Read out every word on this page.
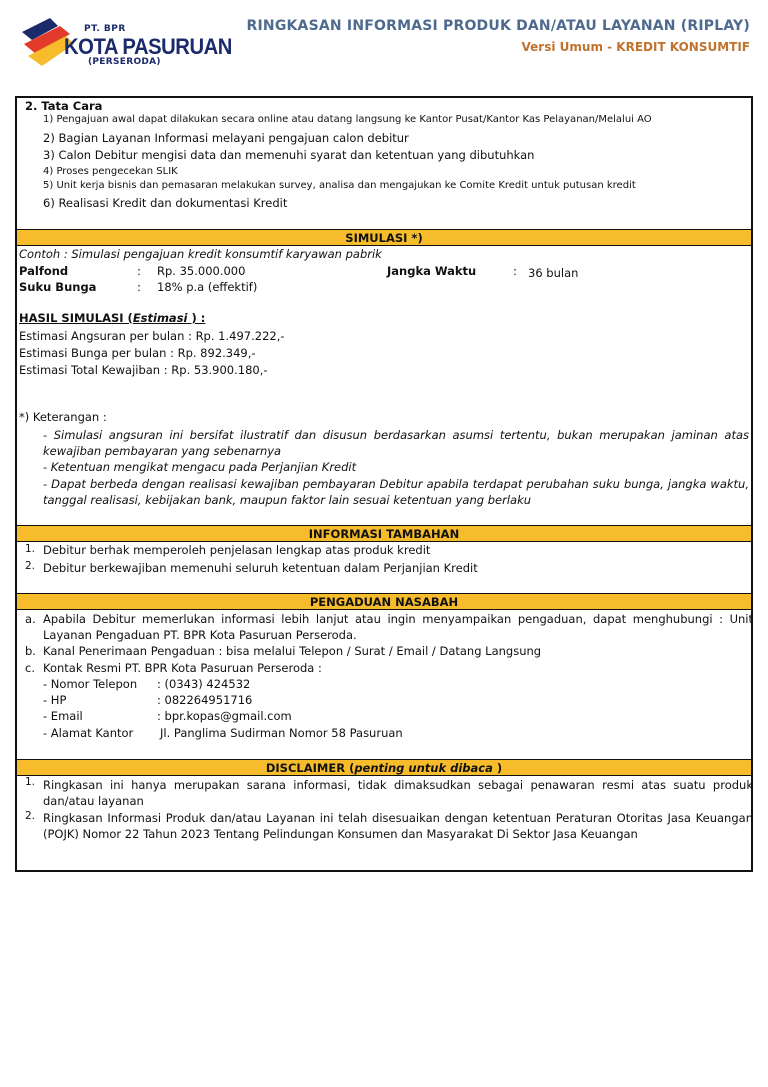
PT. BPR
KOTA PASURUAN
(PERSERODA)
RINGKASAN INFORMASI PRODUK DAN/ATAU LAYANAN (RIPLAY)
Versi Umum - KREDIT KONSUMTIF
2. Tata Cara
1) Pengajuan awal dapat dilakukan secara online atau datang langsung ke Kantor Pusat/Kantor Kas Pelayanan/Melalui AO
2) Bagian Layanan Informasi melayani pengajuan calon debitur
3) Calon Debitur mengisi data dan memenuhi syarat dan ketentuan yang dibutuhkan
4) Proses pengecekan SLIK
5) Unit kerja bisnis dan pemasaran melakukan survey, analisa dan mengajukan ke Comite Kredit untuk putusan kredit
6) Realisasi Kredit dan dokumentasi Kredit
SIMULASI *)
Contoh : Simulasi pengajuan kredit konsumtif karyawan pabrik
Palfond	: Rp. 35.000.000
Suku Bunga	: 18% p.a (effektif)
Jangka Waktu	: 36 bulan
HASIL SIMULASI (Estimasi ) :
Estimasi Angsuran per bulan : Rp. 1.497.222,-
Estimasi Bunga per bulan : Rp. 892.349,-
Estimasi Total Kewajiban : Rp. 53.900.180,-
*) Keterangan :
- Simulasi angsuran ini bersifat ilustratif dan disusun berdasarkan asumsi tertentu, bukan merupakan jaminan atas kewajiban pembayaran yang sebenarnya
- Ketentuan mengikat mengacu pada Perjanjian Kredit
- Dapat berbeda dengan realisasi kewajiban pembayaran Debitur apabila terdapat perubahan suku bunga, jangka waktu, tanggal realisasi, kebijakan bank, maupun faktor lain sesuai ketentuan yang berlaku
INFORMASI TAMBAHAN
1. Debitur berhak memperoleh penjelasan lengkap atas produk kredit
2. Debitur berkewajiban memenuhi seluruh ketentuan dalam Perjanjian Kredit
PENGADUAN NASABAH
a. Apabila Debitur memerlukan informasi lebih lanjut atau ingin menyampaikan pengaduan, dapat menghubungi : Unit Layanan Pengaduan PT. BPR Kota Pasuruan Perseroda.
b. Kanal Penerimaan Pengaduan : bisa melalui Telepon / Surat / Email / Datang Langsung
c. Kontak Resmi PT. BPR Kota Pasuruan Perseroda :
- Nomor Telepon : (0343) 424532
- HP	: 082264951716
- Email	: bpr.kopas@gmail.com
- Alamat Kantor Jl. Panglima Sudirman Nomor 58 Pasuruan
DISCLAIMER (penting untuk dibaca )
1. Ringkasan ini hanya merupakan sarana informasi, tidak dimaksudkan sebagai penawaran resmi atas suatu produk dan/atau layanan
2. Ringkasan Informasi Produk dan/atau Layanan ini telah disesuaikan dengan ketentuan Peraturan Otoritas Jasa Keuangan (POJK) Nomor 22 Tahun 2023 Tentang Pelindungan Konsumen dan Masyarakat Di Sektor Jasa Keuangan
